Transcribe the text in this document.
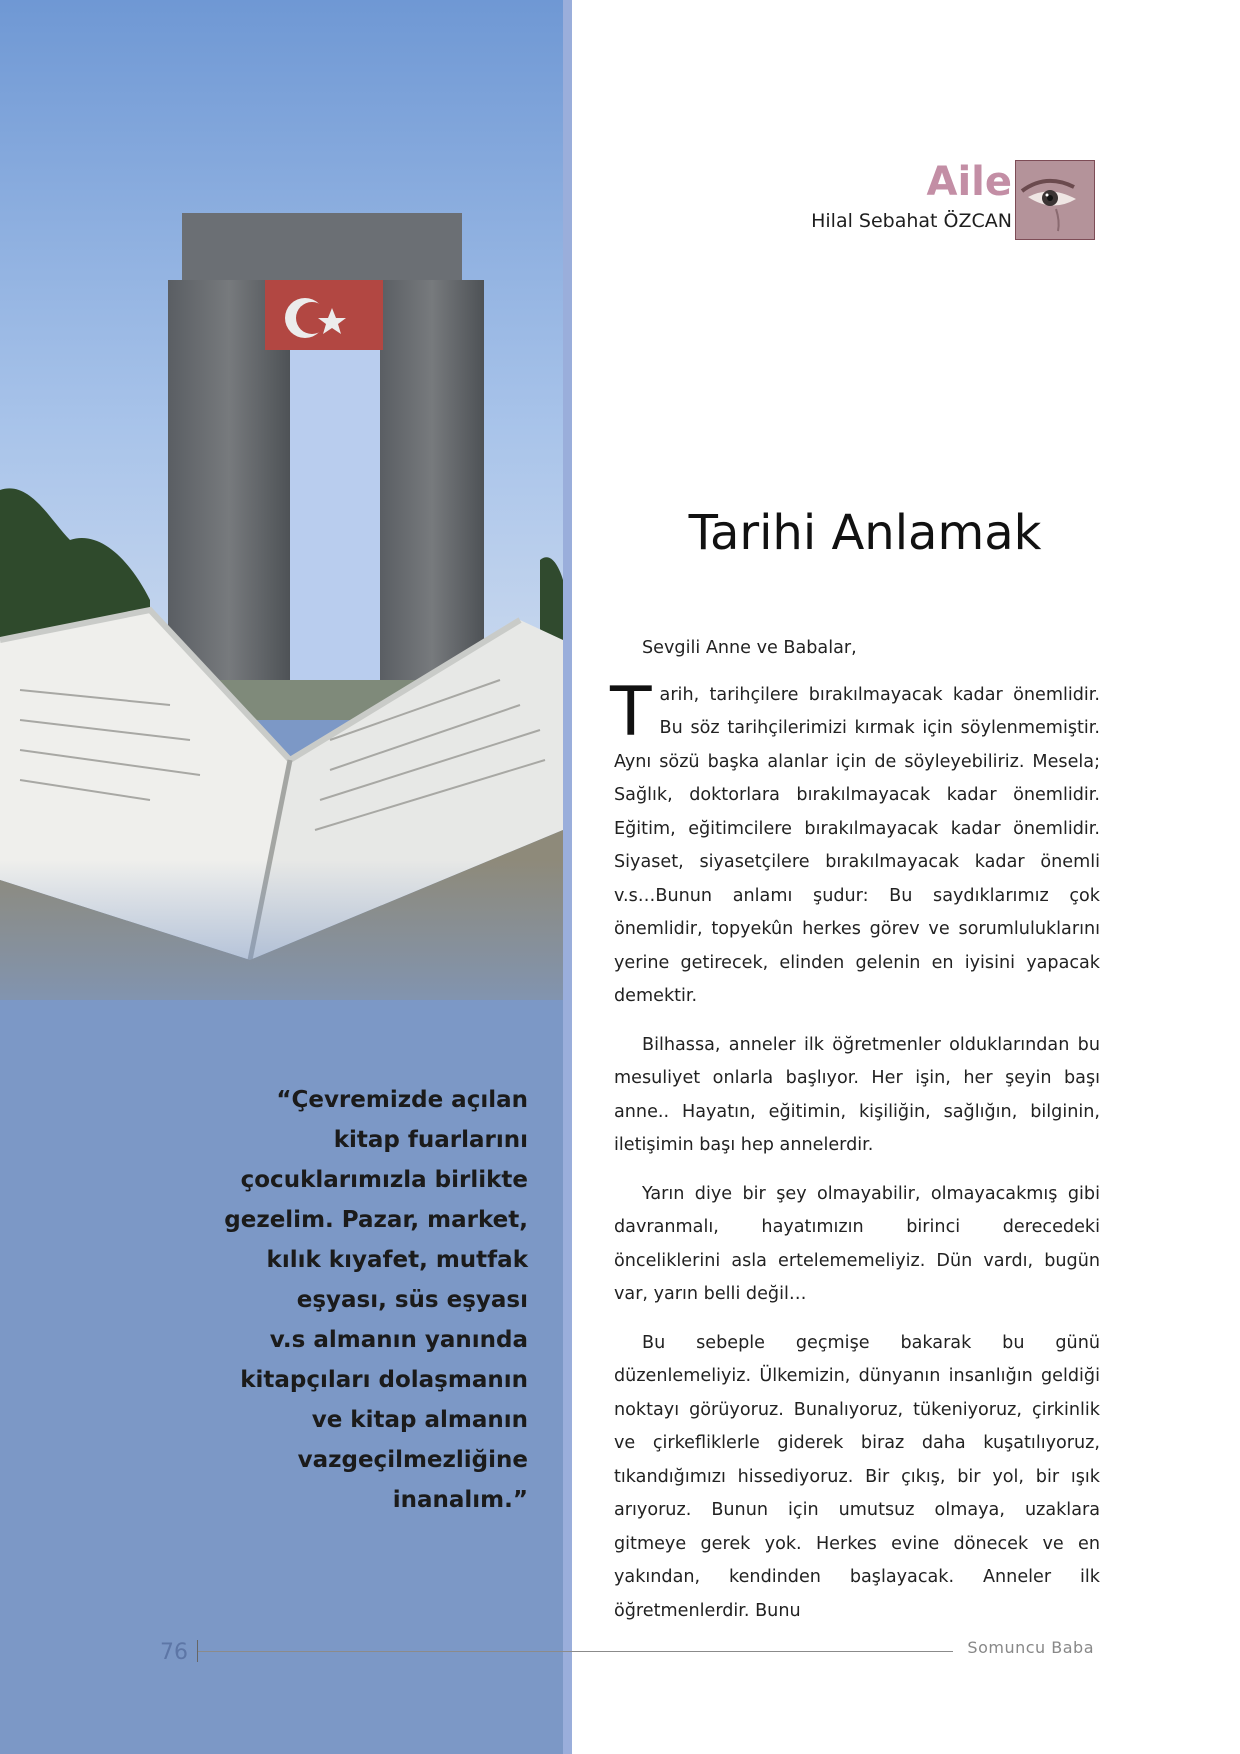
“Çevremizde açılan
kitap fuarlarını
çocuklarımızla birlikte
gezelim. Pazar, market,
kılık kıyafet, mutfak
eşyası, süs eşyası
v.s almanın yanında
kitapçıları dolaşmanın
ve kitap almanın
vazgeçilmezliğine
inanalım.”
Aile

Hilal Sebahat ÖZCAN

Tarihi Anlamak

Sevgili Anne ve Babalar,

Tarih, tarihçilere bırakılmayacak kadar önemlidir. Bu söz tarihçilerimizi kırmak için söylenmemiştir. Aynı sözü başka alanlar için de söyleyebiliriz. Mesela; Sağlık, doktorlara bırakılmayacak kadar önemlidir. Eğitim, eğitimcilere bırakılmayacak kadar önemlidir. Siyaset, siyasetçilere bırakılmayacak kadar önemli v.s…Bunun anlamı şudur: Bu saydıklarımız çok önemlidir, topyekûn herkes görev ve sorumluluklarını yerine getirecek, elinden gelenin en iyisini yapacak demektir.

Bilhassa, anneler ilk öğretmenler olduklarından bu mesuliyet onlarla başlıyor. Her işin, her şeyin başı anne.. Hayatın, eğitimin, kişiliğin, sağlığın, bilginin, iletişimin başı hep annelerdir.

Yarın diye bir şey olmayabilir, olmayacakmış gibi davranmalı, hayatımızın birinci derecedeki önceliklerini asla ertelememeliyiz. Dün vardı, bugün var, yarın belli değil…

Bu sebeple geçmişe bakarak bu günü düzenlemeliyiz. Ülkemizin, dünyanın insanlığın geldiği noktayı görüyoruz. Bunalıyoruz, tükeniyoruz, çirkinlik ve çirkefliklerle giderek biraz daha kuşatılıyoruz, tıkandığımızı hissediyoruz. Bir çıkış, bir yol, bir ışık arıyoruz. Bunun için umutsuz olmaya, uzaklara gitmeye gerek yok. Herkes evine dönecek ve en yakından, kendinden başlayacak. Anneler ilk öğretmenlerdir. Bunu

76	Somuncu Baba
